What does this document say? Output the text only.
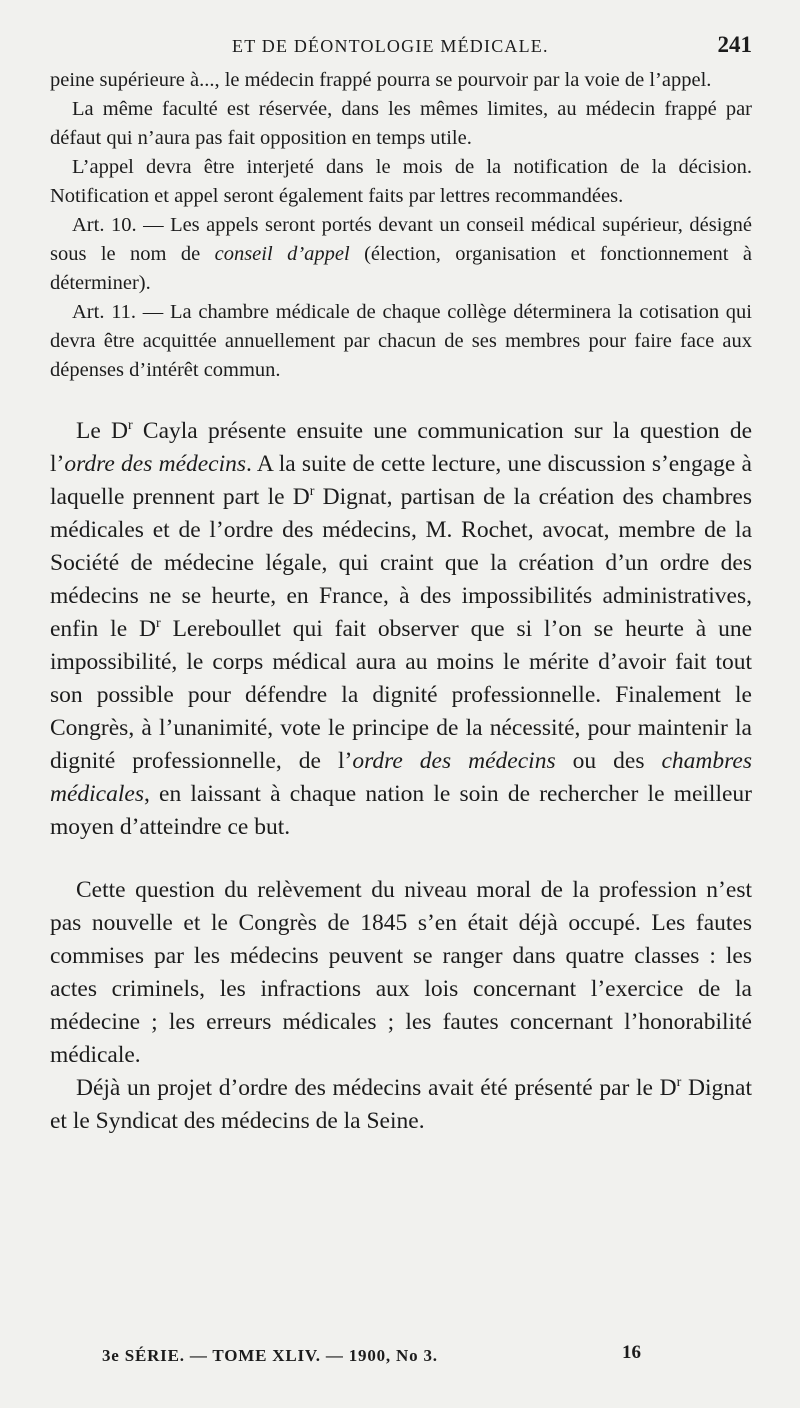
ET DE DÉONTOLOGIE MÉDICALE.	241

peine supérieure à..., le médecin frappé pourra se pourvoir par la voie de l’appel.

La même faculté est réservée, dans les mêmes limites, au médecin frappé par défaut qui n’aura pas fait opposition en temps utile.

L’appel devra être interjeté dans le mois de la notification de la décision. Notification et appel seront également faits par lettres recommandées.

Art. 10. — Les appels seront portés devant un conseil médical supérieur, désigné sous le nom de conseil d’appel (élection, organisation et fonctionnement à déterminer).

Art. 11. — La chambre médicale de chaque collège déterminera la cotisation qui devra être acquittée annuellement par chacun de ses membres pour faire face aux dépenses d’intérêt commun.

Le $D^r$ Cayla présente ensuite une communication sur la question de l’ordre des médecins. A la suite de cette lecture, une discussion s’engage à laquelle prennent part le $D^r$ Dignat, partisan de la création des chambres médicales et de l’ordre des médecins, M. Rochet, avocat, membre de la Société de médecine légale, qui craint que la création d’un ordre des médecins ne se heurte, en France, à des impossibilités administratives, enfin le $D^r$ Lereboullet qui fait observer que si l’on se heurte à une impossibilité, le corps médical aura au moins le mérite d’avoir fait tout son possible pour défendre la dignité professionnelle. Finalement le Congrès, à l’unanimité, vote le principe de la nécessité, pour maintenir la dignité professionnelle, de l’ordre des médecins ou des chambres médicales, en laissant à chaque nation le soin de rechercher le meilleur moyen d’atteindre ce but.

Cette question du relèvement du niveau moral de la profession n’est pas nouvelle et le Congrès de 1845 s’en était déjà occupé. Les fautes commises par les médecins peuvent se ranger dans quatre classes : les actes criminels, les infractions aux lois concernant l’exercice de la médecine ; les erreurs médicales ; les fautes concernant l’honorabilité médicale.

Déjà un projet d’ordre des médecins avait été présenté par le $D^r$ Dignat et le Syndicat des médecins de la Seine.

3e SÉRIE. — TOME XLIV. — 1900, No 3.	16
